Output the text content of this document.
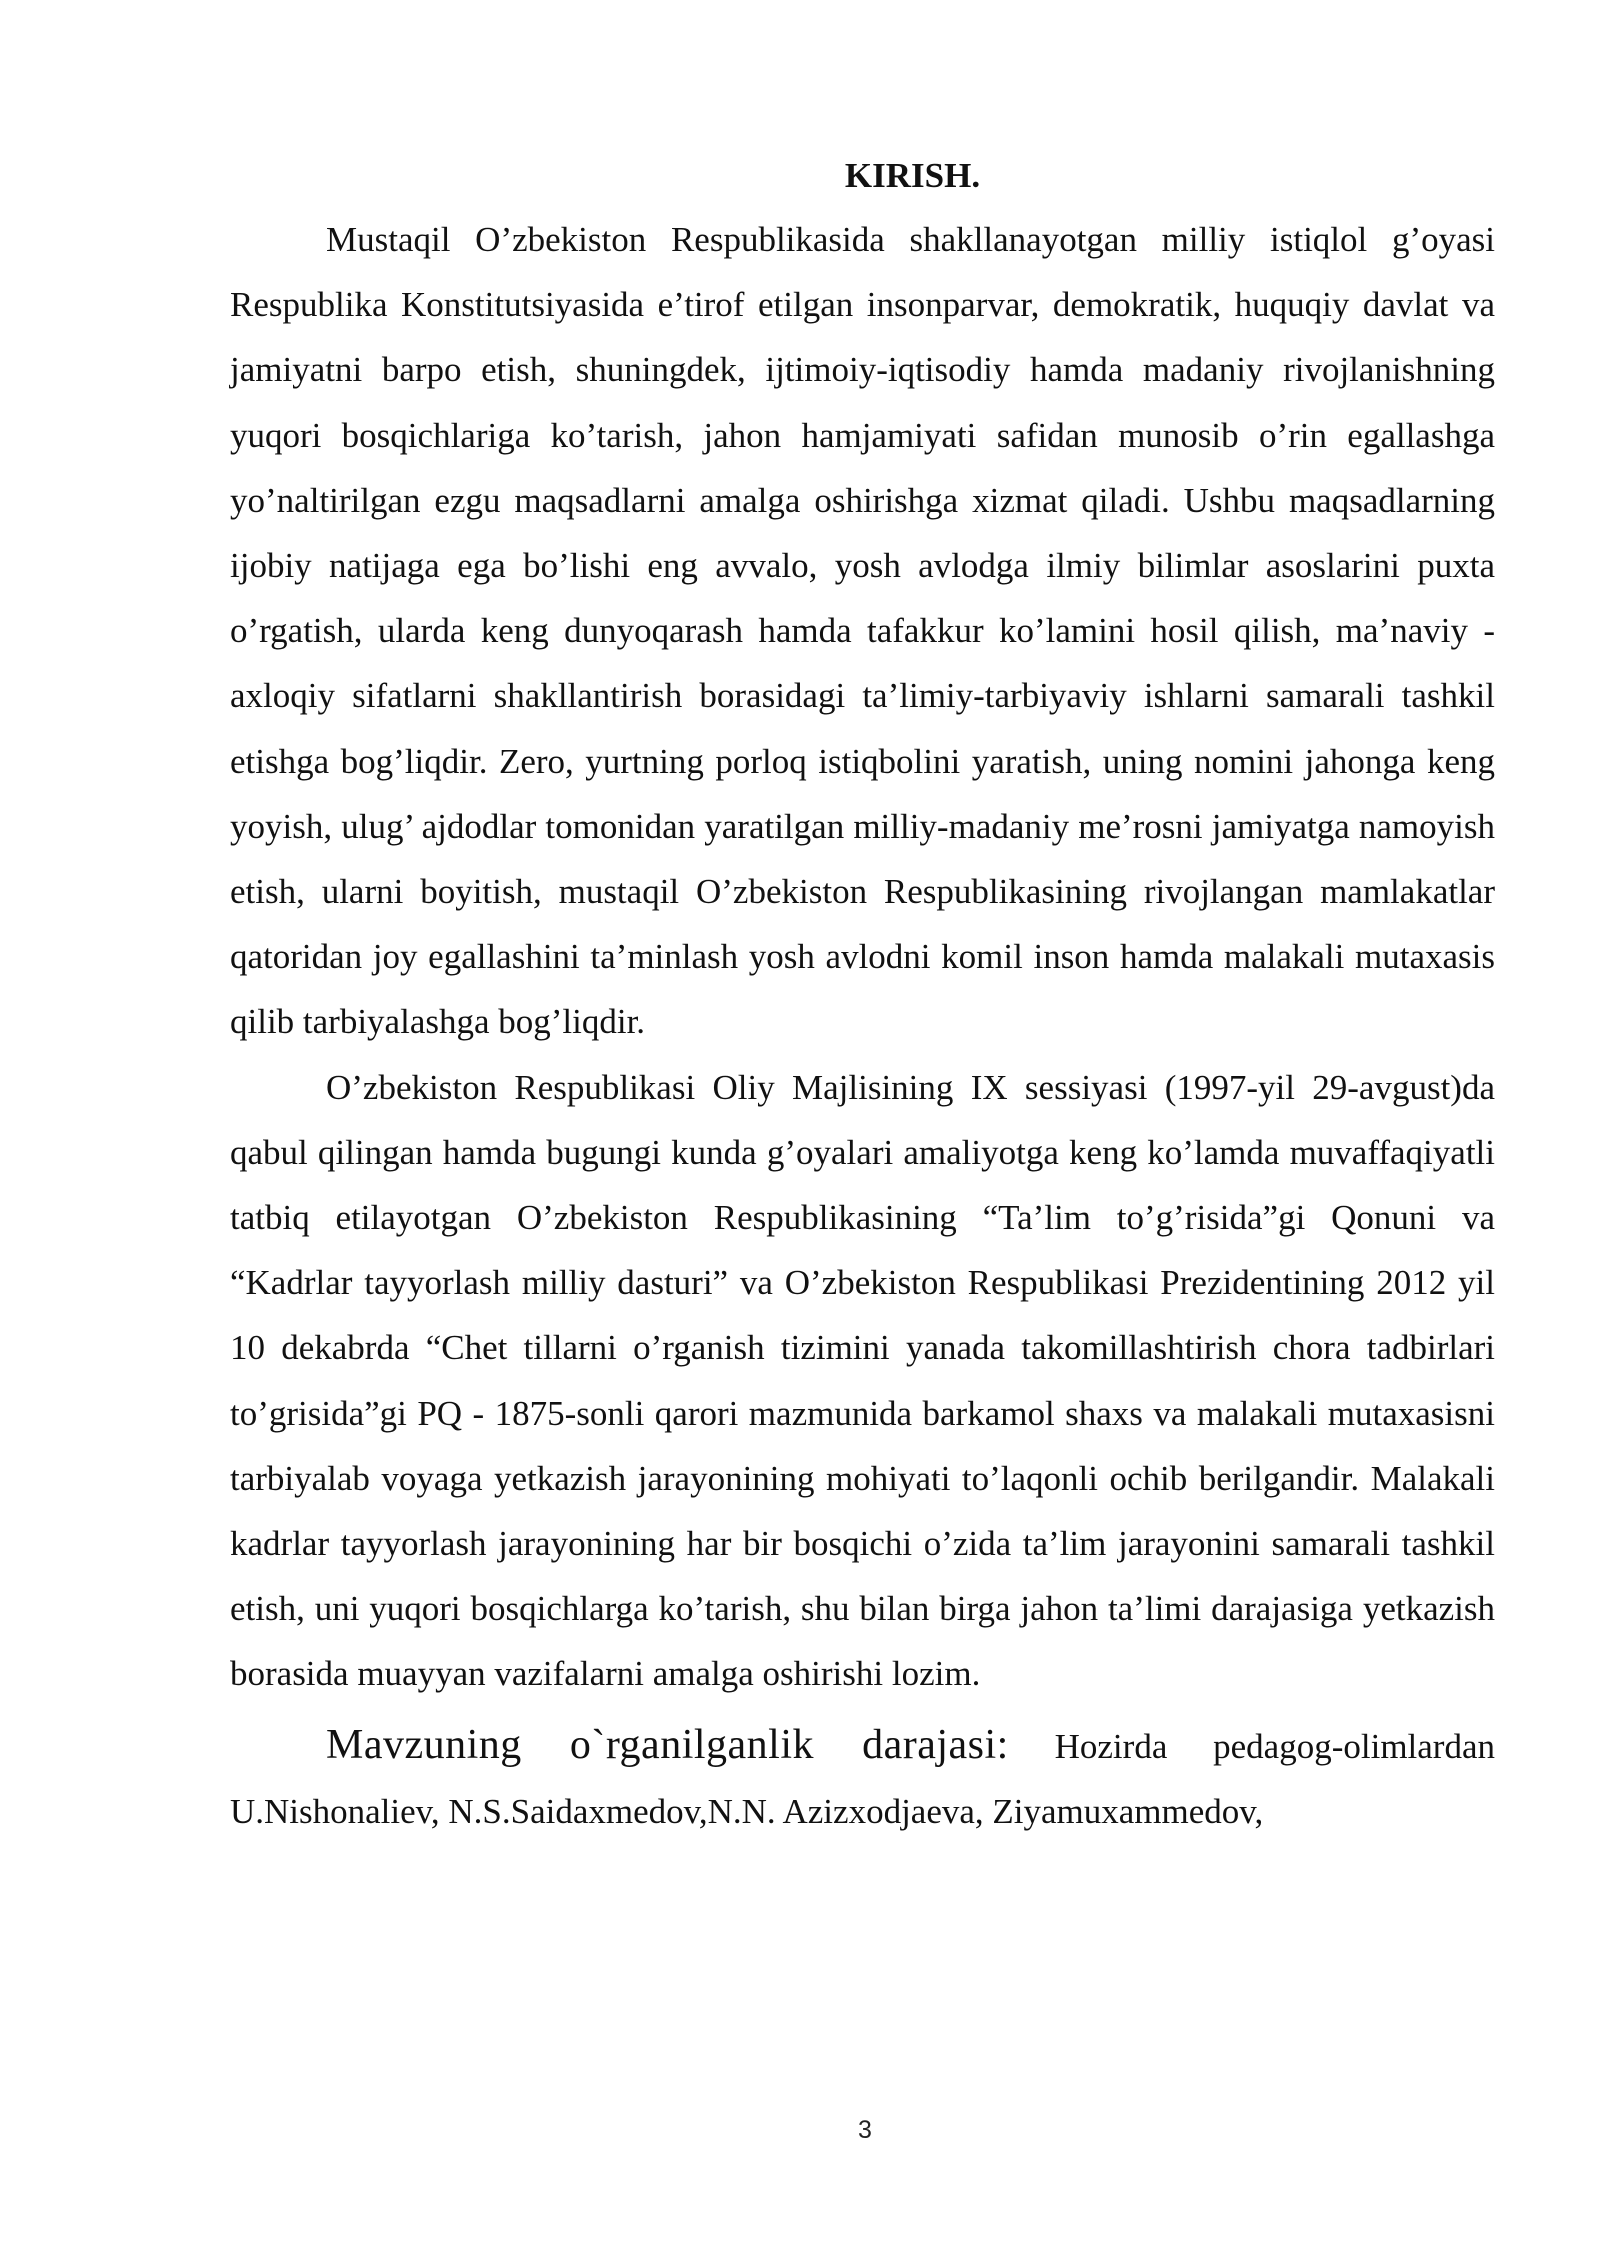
KIRISH.

Mustaqil O’zbekiston Respublikasida shakllanayotgan milliy istiqlol g’oyasi Respublika Konstitutsiyasida e’tirof etilgan insonparvar, demokratik, huquqiy davlat va jamiyatni barpo etish, shuningdek, ijtimoiy-iqtisodiy hamda madaniy rivojlanishning yuqori bosqichlariga ko’tarish, jahon hamjamiyati safidan munosib o’rin egallashga yo’naltirilgan ezgu maqsadlarni amalga oshirishga xizmat qiladi. Ushbu maqsadlarning ijobiy natijaga ega bo’lishi eng avvalo, yosh avlodga ilmiy bilimlar asoslarini puxta o’rgatish, ularda keng dunyoqarash hamda tafakkur ko’lamini hosil qilish, ma’naviy - axloqiy sifatlarni shakllantirish borasidagi ta’limiy-tarbiyaviy ishlarni samarali tashkil etishga bog’liqdir. Zero, yurtning porloq istiqbolini yaratish, uning nomini jahonga keng yoyish, ulug’ ajdodlar tomonidan yaratilgan milliy-madaniy me’rosni jamiyatga namoyish etish, ularni boyitish, mustaqil O’zbekiston Respublikasining rivojlangan mamlakatlar qatoridan joy egallashini ta’minlash yosh avlodni komil inson hamda malakali mutaxasis qilib tarbiyalashga bog’liqdir.

O’zbekiston Respublikasi Oliy Majlisining IX sessiyasi (1997-yil 29-avgust)da qabul qilingan hamda bugungi kunda g’oyalari amaliyotga keng ko’lamda muvaffaqiyatli tatbiq etilayotgan O’zbekiston Respublikasining “Ta’lim to’g’risida”gi Qonuni va “Kadrlar tayyorlash milliy dasturi” va O’zbekiston Respublikasi Prezidentining 2012 yil 10 dekabrda “Chet tillarni o’rganish tizimini yanada takomillashtirish chora tadbirlari to’grisida”gi PQ - 1875-sonli qarori mazmunida barkamol shaxs va malakali mutaxasisni tarbiyalab voyaga yetkazish jarayonining mohiyati to’laqonli ochib berilgandir. Malakali kadrlar tayyorlash jarayonining har bir bosqichi o’zida ta’lim jarayonini samarali tashkil etish, uni yuqori bosqichlarga ko’tarish, shu bilan birga jahon ta’limi darajasiga yetkazish borasida muayyan vazifalarni amalga oshirishi lozim.

Mavzuning o`rganilganlik darajasi: Hozirda pedagog-olimlardan U.Nishonaliev, N.S.Saidaxmedov,N.N. Azizxodjaeva, Ziyamuxammedov,

3
